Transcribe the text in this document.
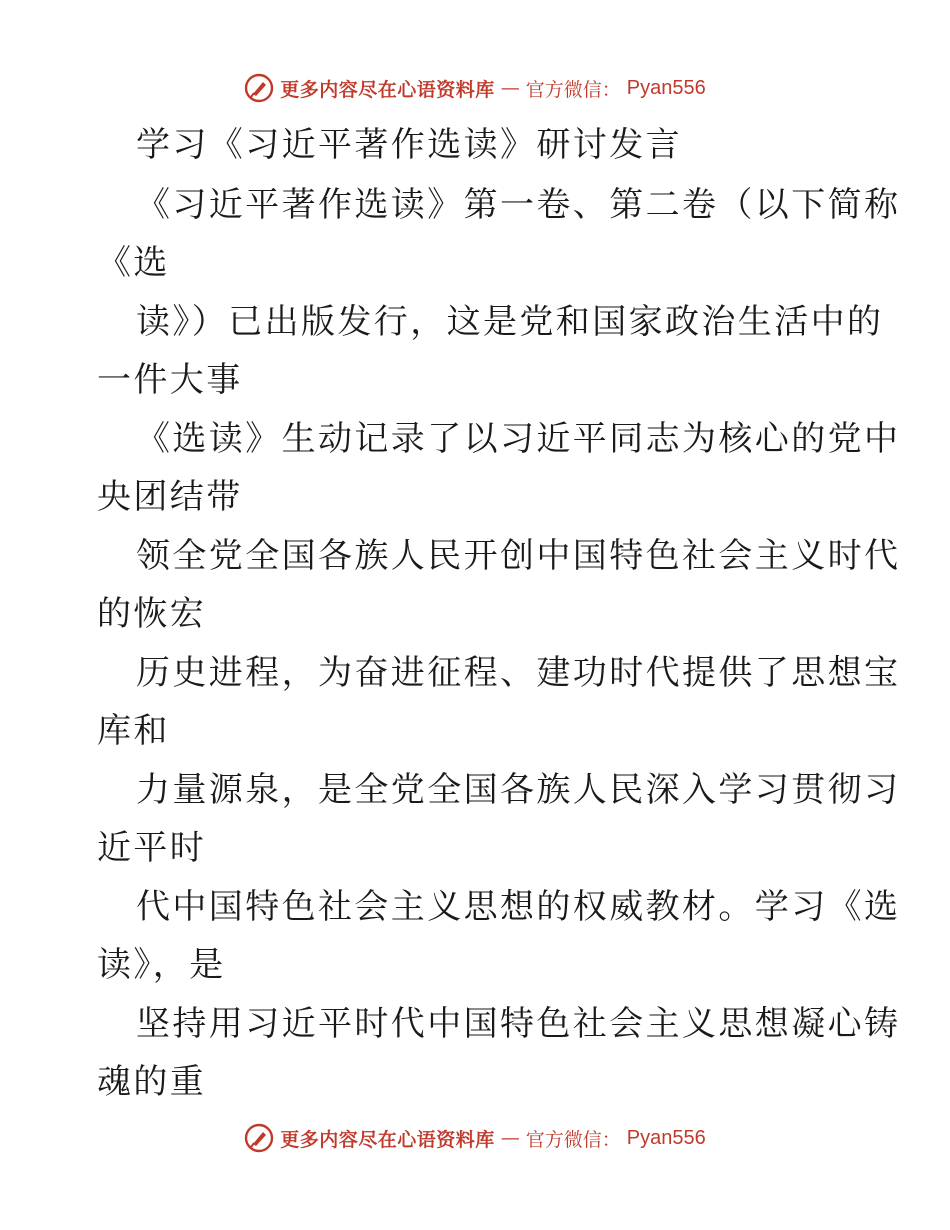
更多内容尽在心语资料库 — 官方微信： Pyan556
学习《习近平著作选读》研讨发言
《习近平著作选读》第一卷、第二卷（以下简称
《选
读》）已出版发行，这是党和国家政治生活中的
一件大事
《选读》生动记录了以习近平同志为核心的党中
央团结带
领全党全国各族人民开创中国特色社会主义时代
的恢宏
历史进程，为奋进征程、建功时代提供了思想宝
库和
力量源泉，是全党全国各族人民深入学习贯彻习
近平时
代中国特色社会主义思想的权威教材。学习《选
读》，是
坚持用习近平时代中国特色社会主义思想凝心铸
魂的重
更多内容尽在心语资料库 — 官方微信： Pyan556
